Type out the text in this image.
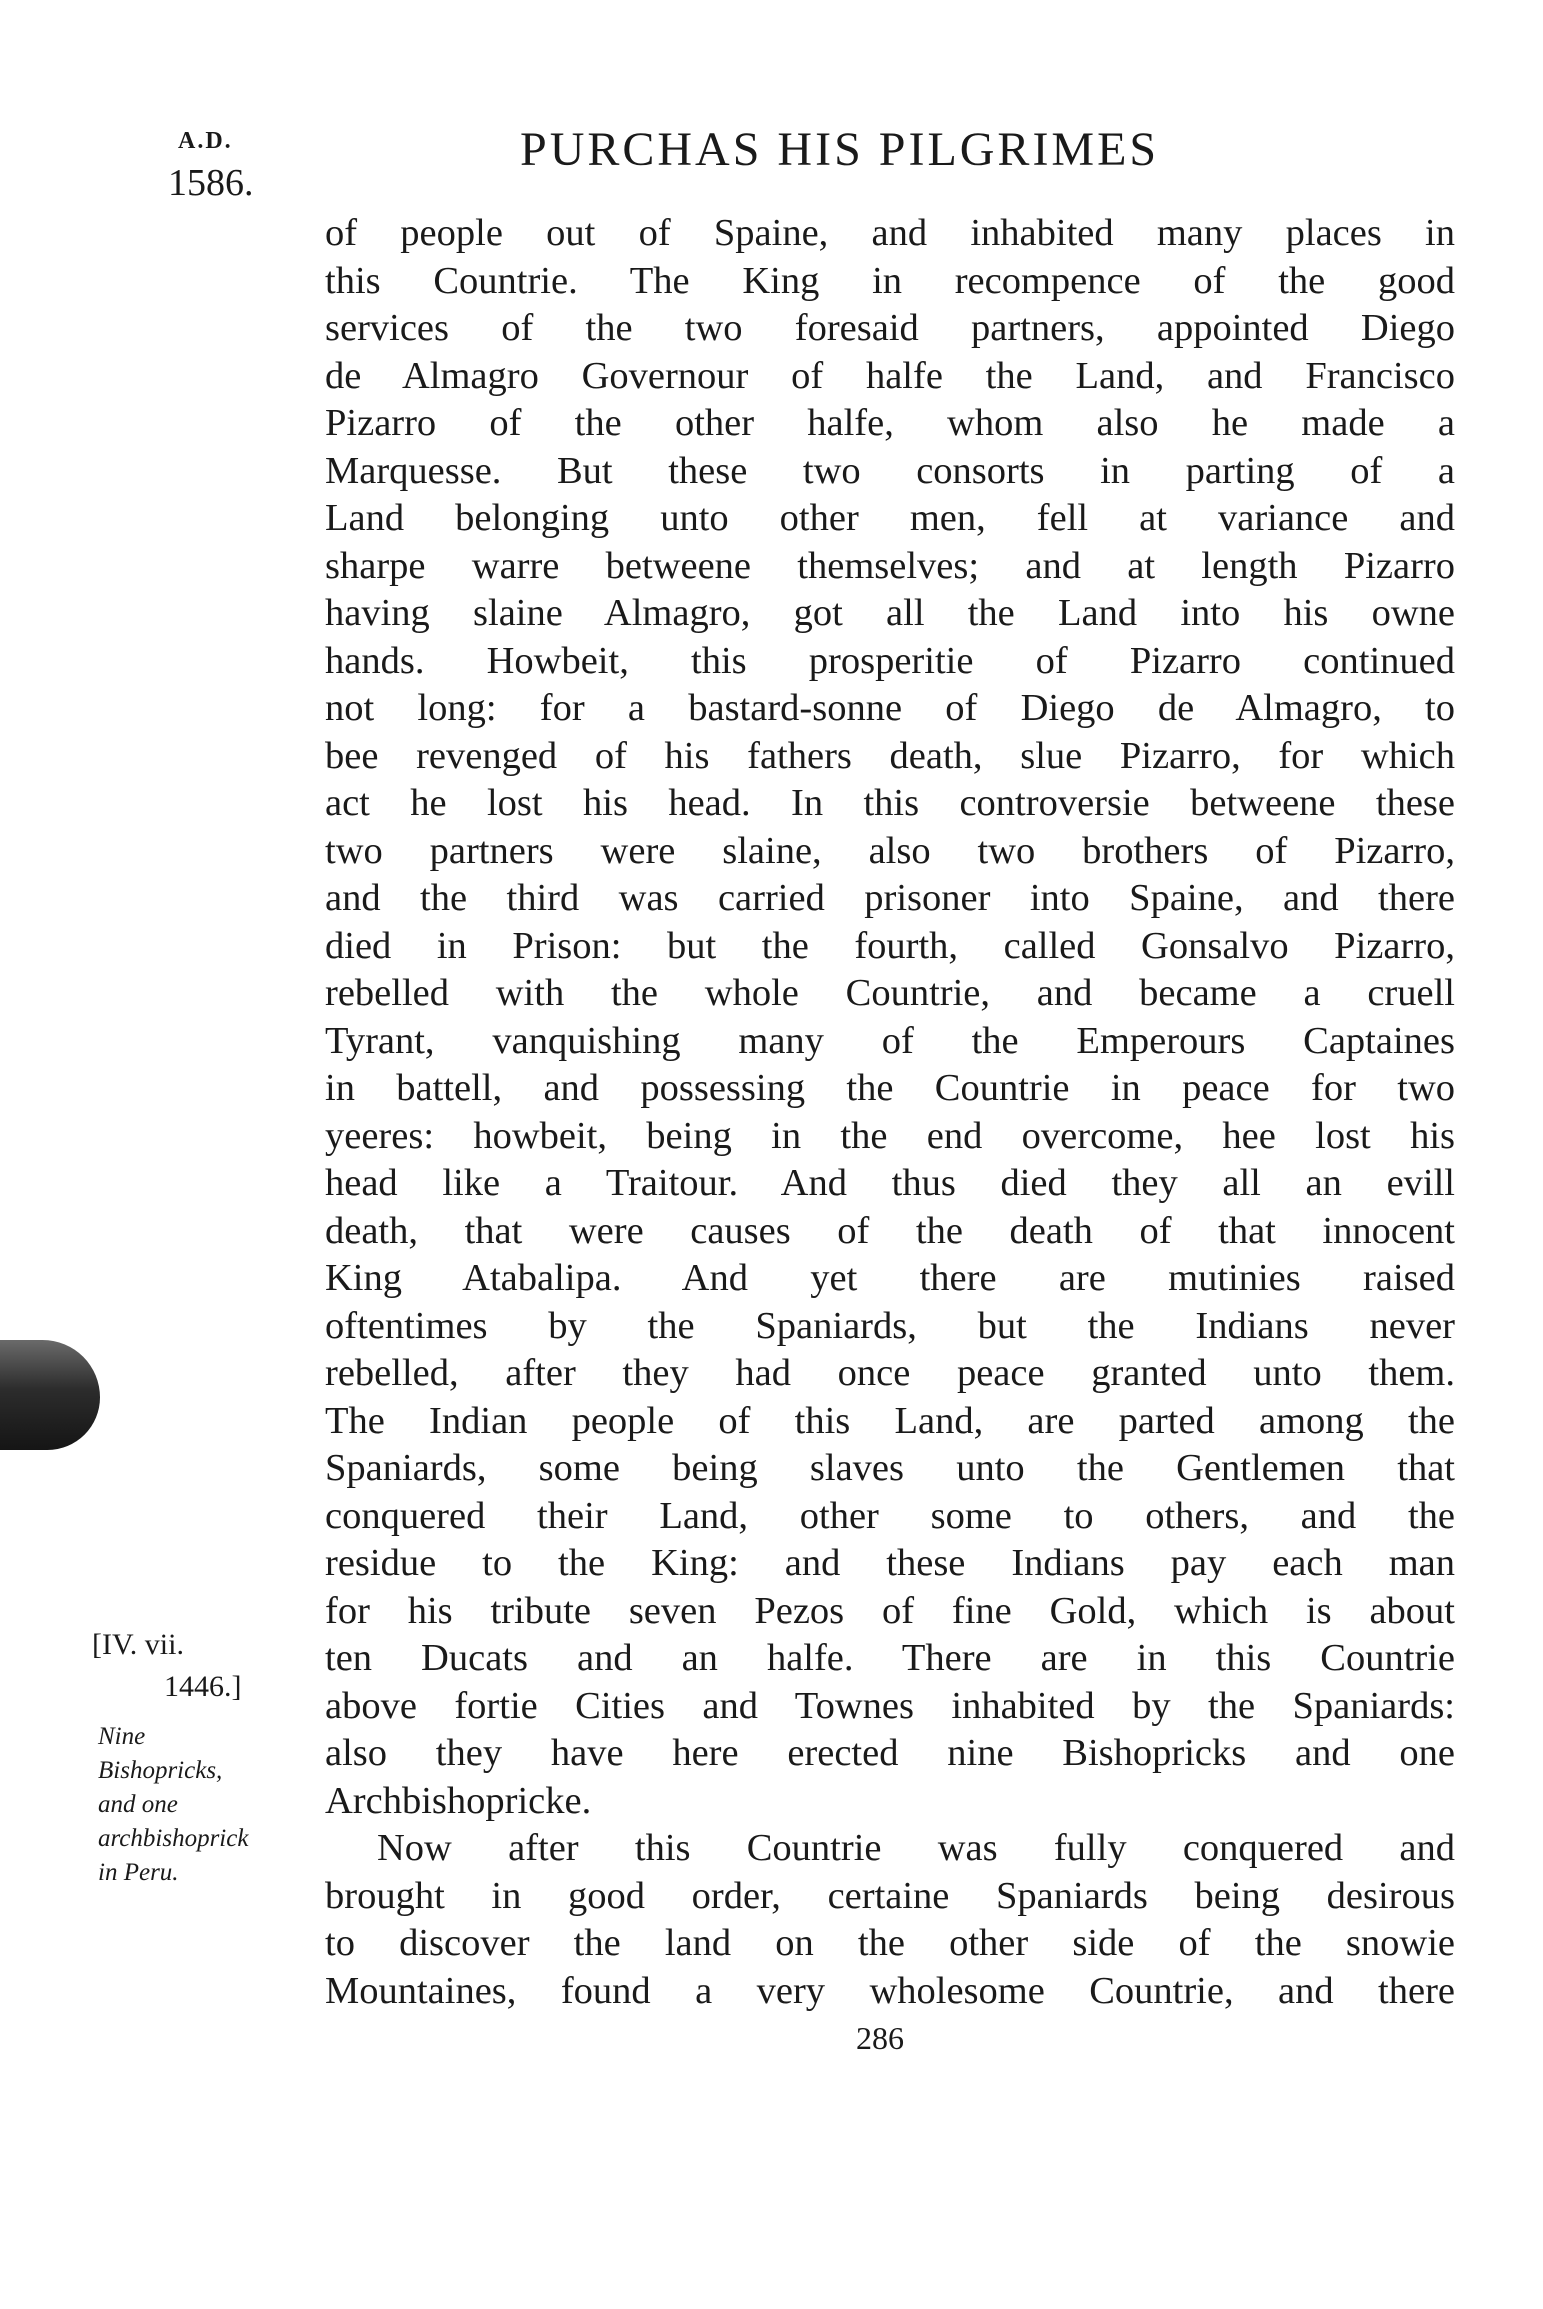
A.D.
1586.
PURCHAS HIS PILGRIMES
of people out of Spaine, and inhabited many places in
this Countrie. The King in recompence of the good
services of the two foresaid partners, appointed Diego
de Almagro Governour of halfe the Land, and Francisco
Pizarro of the other halfe, whom also he made a
Marquesse. But these two consorts in parting of a
Land belonging unto other men, fell at variance and
sharpe warre betweene themselves; and at length Pizarro
having slaine Almagro, got all the Land into his owne
hands. Howbeit, this prosperitie of Pizarro continued
not long: for a bastard-sonne of Diego de Almagro, to
bee revenged of his fathers death, slue Pizarro, for which
act he lost his head. In this controversie betweene these
two partners were slaine, also two brothers of Pizarro,
and the third was carried prisoner into Spaine, and there
died in Prison: but the fourth, called Gonsalvo Pizarro,
rebelled with the whole Countrie, and became a cruell
Tyrant, vanquishing many of the Emperours Captaines
in battell, and possessing the Countrie in peace for two
yeeres: howbeit, being in the end overcome, hee lost his
head like a Traitour. And thus died they all an evill
death, that were causes of the death of that innocent
King Atabalipa. And yet there are mutinies raised
oftentimes by the Spaniards, but the Indians never
rebelled, after they had once peace granted unto them.
The Indian people of this Land, are parted among the
Spaniards, some being slaves unto the Gentlemen that
conquered their Land, other some to others, and the
residue to the King: and these Indians pay each man
for his tribute seven Pezos of fine Gold, which is about
ten Ducats and an halfe. There are in this Countrie
above fortie Cities and Townes inhabited by the Spaniards:
also they have here erected nine Bishopricks and one
Archbishopricke.
Now after this Countrie was fully conquered and
brought in good order, certaine Spaniards being desirous
to discover the land on the other side of the snowie
Mountaines, found a very wholesome Countrie, and there
[IV. vii.
1446.]
Nine
Bishopricks,
and one
archbishoprick
in Peru.
286
